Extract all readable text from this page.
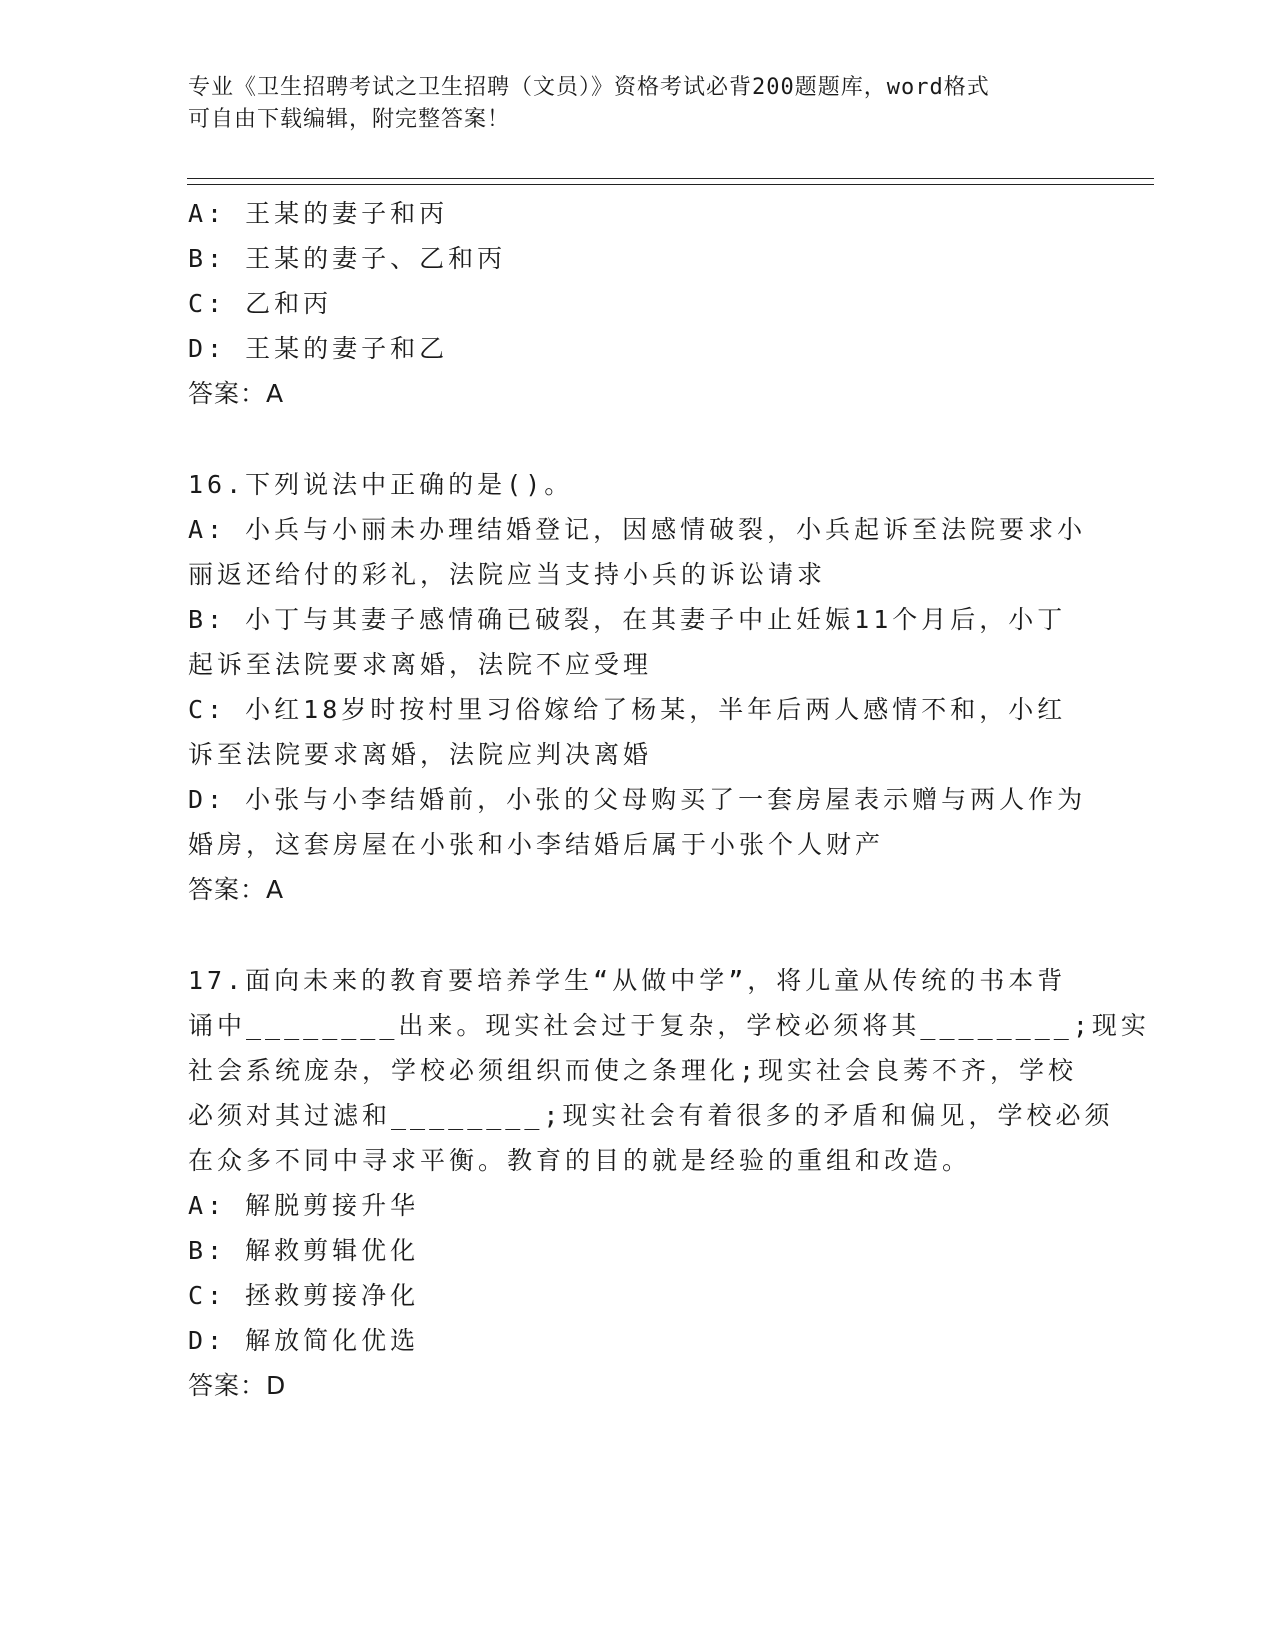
专业《卫生招聘考试之卫生招聘（文员）》资格考试必背200题题库，word格式
可自由下载编辑，附完整答案！
A: 王某的妻子和丙
B: 王某的妻子、乙和丙
C: 乙和丙
D: 王某的妻子和乙
答案：A
16.下列说法中正确的是()。
A: 小兵与小丽未办理结婚登记，因感情破裂，小兵起诉至法院要求小
丽返还给付的彩礼，法院应当支持小兵的诉讼请求
B: 小丁与其妻子感情确已破裂，在其妻子中止妊娠11个月后，小丁
起诉至法院要求离婚，法院不应受理
C: 小红18岁时按村里习俗嫁给了杨某，半年后两人感情不和，小红
诉至法院要求离婚，法院应判决离婚
D: 小张与小李结婚前，小张的父母购买了一套房屋表示赠与两人作为
婚房，这套房屋在小张和小李结婚后属于小张个人财产
答案：A
17.面向未来的教育要培养学生“从做中学”，将儿童从传统的书本背
诵中________出来。现实社会过于复杂，学校必须将其________;现实
社会系统庞杂，学校必须组织而使之条理化;现实社会良莠不齐，学校
必须对其过滤和________;现实社会有着很多的矛盾和偏见，学校必须
在众多不同中寻求平衡。教育的目的就是经验的重组和改造。
A: 解脱剪接升华
B: 解救剪辑优化
C: 拯救剪接净化
D: 解放简化优选
答案：D
